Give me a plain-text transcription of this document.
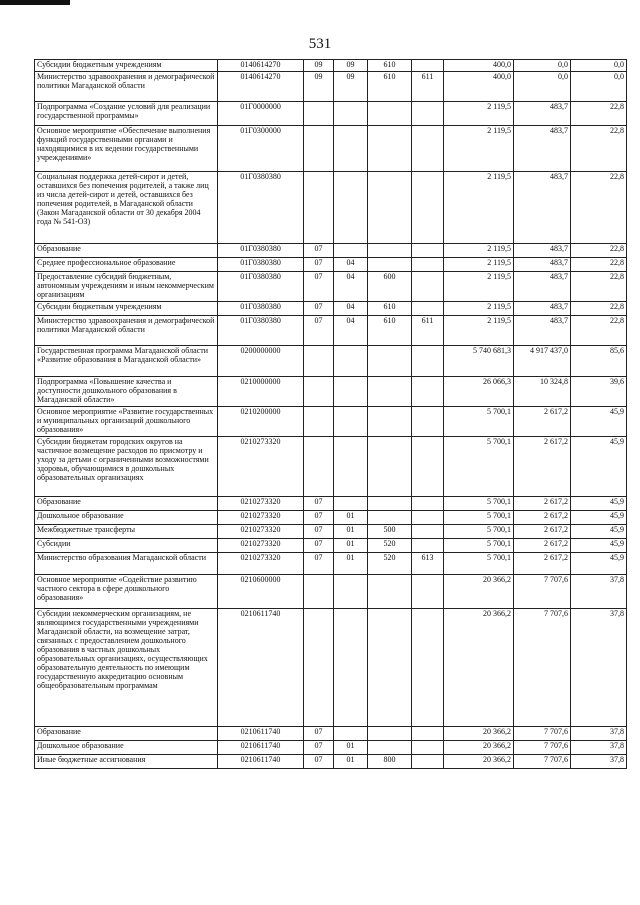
531
Субсидии бюджетным учреждениям	0140614270	09	09	610		400,0	0,0	0,0
Министерство здравоохранения и демографической политики Магаданской области	0140614270	09	09	610	611	400,0	0,0	0,0
Подпрограмма «Создание условий для реализации государственной программы»	01Г0000000					2 119,5	483,7	22,8
Основное мероприятие «Обеспечение выполнения функций государственными органами и находящимися в их ведении государственными учреждениями»	01Г0300000					2 119,5	483,7	22,8
Социальная поддержка детей-сирот и детей, оставшихся без попечения родителей, а также лиц из числа детей-сирот и детей, оставшихся без попечения родителей, в Магаданской области (Закон Магаданской области от 30 декабря 2004 года № 541-ОЗ)	01Г0380380					2 119,5	483,7	22,8
Образование	01Г0380380	07				2 119,5	483,7	22,8
Среднее профессиональное образование	01Г0380380	07	04			2 119,5	483,7	22,8
Предоставление субсидий бюджетным, автономным учреждениям и иным некоммерческим организациям	01Г0380380	07	04	600		2 119,5	483,7	22,8
Субсидии бюджетным учреждениям	01Г0380380	07	04	610		2 119,5	483,7	22,8
Министерство здравоохранения и демографической политики Магаданской области	01Г0380380	07	04	610	611	2 119,5	483,7	22,8
Государственная программа Магаданской области «Развитие образования в Магаданской области»	0200000000					5 740 681,3	4 917 437,0	85,6
Подпрограмма «Повышение качества и доступности дошкольного образования в Магаданской области»	0210000000					26 066,3	10 324,8	39,6
Основное мероприятие «Развитие государственных и муниципальных организаций дошкольного образования»	0210200000					5 700,1	2 617,2	45,9
Субсидии бюджетам городских округов на частичное возмещение расходов по присмотру и уходу за детьми с ограниченными возможностями здоровья, обучающимися в дошкольных образовательных организациях	0210273320					5 700,1	2 617,2	45,9
Образование	0210273320	07				5 700,1	2 617,2	45,9
Дошкольное образование	0210273320	07	01			5 700,1	2 617,2	45,9
Межбюджетные трансферты	0210273320	07	01	500		5 700,1	2 617,2	45,9
Субсидии	0210273320	07	01	520		5 700,1	2 617,2	45,9
Министерство образования Магаданской области	0210273320	07	01	520	613	5 700,1	2 617,2	45,9
Основное мероприятие «Содействие развитию частного сектора в сфере дошкольного образования»	0210600000					20 366,2	7 707,6	37,8
Субсидии некоммерческим организациям, не являющимся государственными учреждениями Магаданской области, на возмещение затрат, связанных с предоставлением дошкольного образования в частных дошкольных образовательных организациях, осуществляющих образовательную деятельность по имеющим государственную аккредитацию основным общеобразовательным программам	0210611740					20 366,2	7 707,6	37,8
Образование	0210611740	07				20 366,2	7 707,6	37,8
Дошкольное образование	0210611740	07	01			20 366,2	7 707,6	37,8
Иные бюджетные ассигнования	0210611740	07	01	800		20 366,2	7 707,6	37,8
